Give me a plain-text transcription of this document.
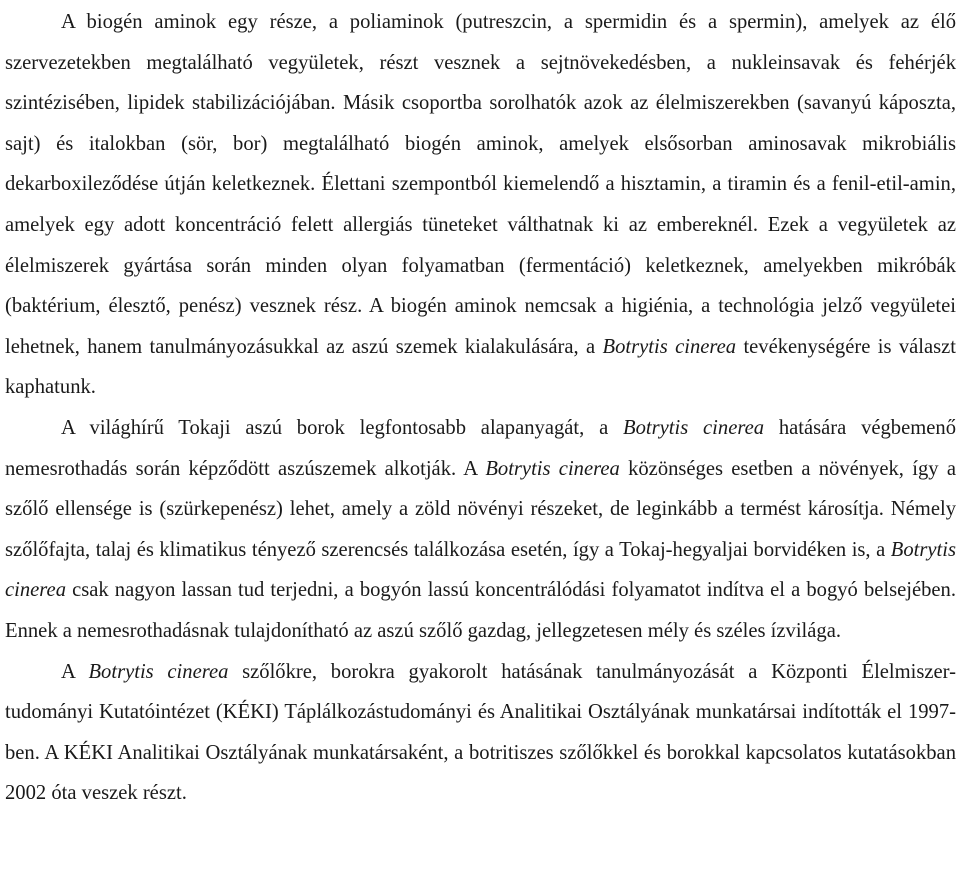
A biogén aminok egy része, a poliaminok (putreszcin, a spermidin és a spermin), amelyek az élő szervezetekben megtalálható vegyületek, részt vesznek a sejtnövekedésben, a nukleinsavak és fehérjék szintézisében, lipidek stabilizációjában. Másik csoportba sorolhatók azok az élelmiszerekben (savanyú káposzta, sajt) és italokban (sör, bor) megtalálható biogén aminok, amelyek elsősorban aminosavak mikrobiális dekarboxileződése útján keletkeznek. Élettani szempontból kiemelendő a hisztamin, a tiramin és a fenil-etil-amin, amelyek egy adott koncentráció felett allergiás tüneteket válthatnak ki az embereknél. Ezek a vegyületek az élelmiszerek gyártása során minden olyan folyamatban (fermentáció) keletkeznek, amelyekben mikróbák (baktérium, élesztő, penész) vesznek rész. A biogén aminok nemcsak a higiénia, a technológia jelző vegyületei lehetnek, hanem tanulmányozásukkal az aszú szemek kialakulására, a Botrytis cinerea tevékenységére is választ kaphatunk.

A világhírű Tokaji aszú borok legfontosabb alapanyagát, a Botrytis cinerea hatására végbemenő nemesrothadás során képződött aszúszemek alkotják. A Botrytis cinerea közönséges esetben a növények, így a szőlő ellensége is (szürkepenész) lehet, amely a zöld növényi részeket, de leginkább a termést károsítja. Némely szőlőfajta, talaj és klimatikus tényező szerencsés találkozása esetén, így a Tokaj-hegyaljai borvidéken is, a Botrytis cinerea csak nagyon lassan tud terjedni, a bogyón lassú koncentrálódási folyamatot indítva el a bogyó belsejében. Ennek a nemesrothadásnak tulajdonítható az aszú szőlő gazdag, jellegzetesen mély és széles ízvilága.

A Botrytis cinerea szőlőkre, borokra gyakorolt hatásának tanulmányozását a Központi Élelmiszer-tudományi Kutatóintézet (KÉKI) Táplálkozástudományi és Analitikai Osztályának munkatársai indították el 1997-ben. A KÉKI Analitikai Osztályának munkatársaként, a botritiszes szőlőkkel és borokkal kapcsolatos kutatásokban 2002 óta veszek részt.
